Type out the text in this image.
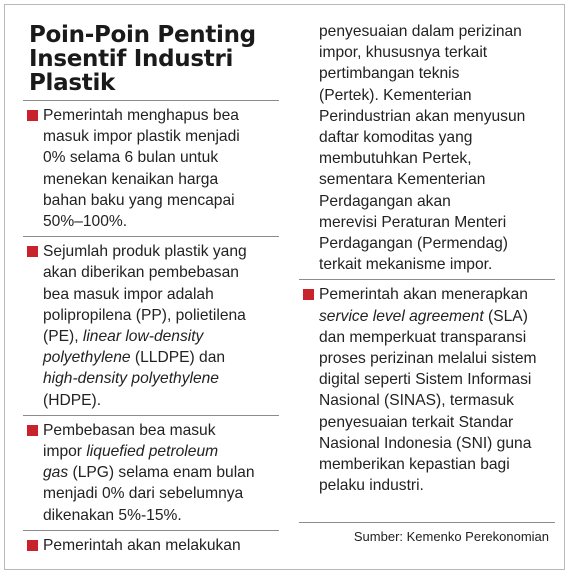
Poin-Poin Penting
Insentif Industri
Plastik
Pemerintah menghapus bea
masuk impor plastik menjadi
0% selama 6 bulan untuk
menekan kenaikan harga
bahan baku yang mencapai
50%–100%.
Sejumlah produk plastik yang
akan diberikan pembebasan
bea masuk impor adalah
polipropilena (PP), polietilena
(PE), linear low-density
polyethylene (LLDPE) dan
high-density polyethylene
(HDPE).
Pembebasan bea masuk
impor liquefied petroleum
gas (LPG) selama enam bulan
menjadi 0% dari sebelumnya
dikenakan 5%-15%.
Pemerintah akan melakukan
penyesuaian dalam perizinan
impor, khususnya terkait
pertimbangan teknis
(Pertek). Kementerian
Perindustrian akan menyusun
daftar komoditas yang
membutuhkan Pertek,
sementara Kementerian
Perdagangan akan
merevisi Peraturan Menteri
Perdagangan (Permendag)
terkait mekanisme impor.
Pemerintah akan menerapkan
service level agreement (SLA)
dan memperkuat transparansi
proses perizinan melalui sistem
digital seperti Sistem Informasi
Nasional (SINAS), termasuk
penyesuaian terkait Standar
Nasional Indonesia (SNI) guna
memberikan kepastian bagi
pelaku industri.
Sumber: Kemenko Perekonomian
